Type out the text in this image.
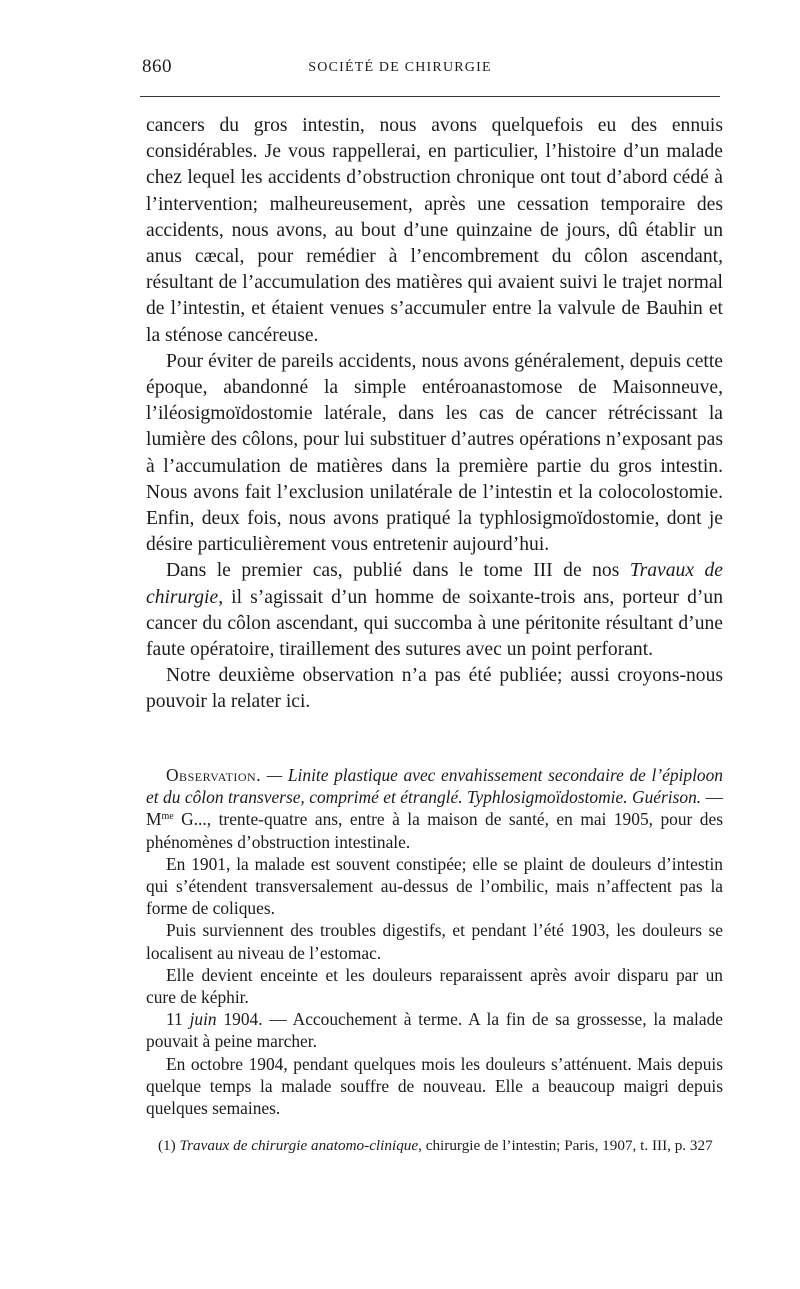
860	SOCIÉTÉ DE CHIRURGIE

cancers du gros intestin, nous avons quelquefois eu des ennuis considérables. Je vous rappellerai, en particulier, l’histoire d’un malade chez lequel les accidents d’obstruction chronique ont tout d’abord cédé à l’intervention; malheureusement, après une cessation temporaire des accidents, nous avons, au bout d’une quinzaine de jours, dû établir un anus cæcal, pour remédier à l’encombrement du côlon ascendant, résultant de l’accumulation des matières qui avaient suivi le trajet normal de l’intestin, et étaient venues s’accumuler entre la valvule de Bauhin et la sténose cancéreuse.

Pour éviter de pareils accidents, nous avons généralement, depuis cette époque, abandonné la simple entéroanastomose de Maisonneuve, l’iléosigmoïdostomie latérale, dans les cas de cancer rétrécissant la lumière des côlons, pour lui substituer d’autres opérations n’exposant pas à l’accumulation de matières dans la première partie du gros intestin. Nous avons fait l’exclusion unilatérale de l’intestin et la colocolostomie. Enfin, deux fois, nous avons pratiqué la typhlosigmoïdostomie, dont je désire particulièrement vous entretenir aujourd’hui.

Dans le premier cas, publié dans le tome III de nos Travaux de chirurgie, il s’agissait d’un homme de soixante-trois ans, porteur d’un cancer du côlon ascendant, qui succomba à une péritonite résultant d’une faute opératoire, tiraillement des sutures avec un point perforant.

Notre deuxième observation n’a pas été publiée; aussi croyons-nous pouvoir la relater ici.

Observation. — Linite plastique avec envahissement secondaire de l’épiploon et du côlon transverse, comprimé et étranglé. Typhlosigmoïdostomie. Guérison. — $M^{me}$ G..., trente-quatre ans, entre à la maison de santé, en mai 1905, pour des phénomènes d’obstruction intestinale.

En 1901, la malade est souvent constipée; elle se plaint de douleurs d’intestin qui s’étendent transversalement au-dessus de l’ombilic, mais n’affectent pas la forme de coliques.

Puis surviennent des troubles digestifs, et pendant l’été 1903, les douleurs se localisent au niveau de l’estomac.

Elle devient enceinte et les douleurs reparaissent après avoir disparu par un cure de képhir.

11 juin 1904. — Accouchement à terme. A la fin de sa grossesse, la malade pouvait à peine marcher.

En octobre 1904, pendant quelques mois les douleurs s’atténuent. Mais depuis quelque temps la malade souffre de nouveau. Elle a beaucoup maigri depuis quelques semaines.

(1) Travaux de chirurgie anatomo-clinique, chirurgie de l’intestin; Paris, 1907, t. III, p. 327
